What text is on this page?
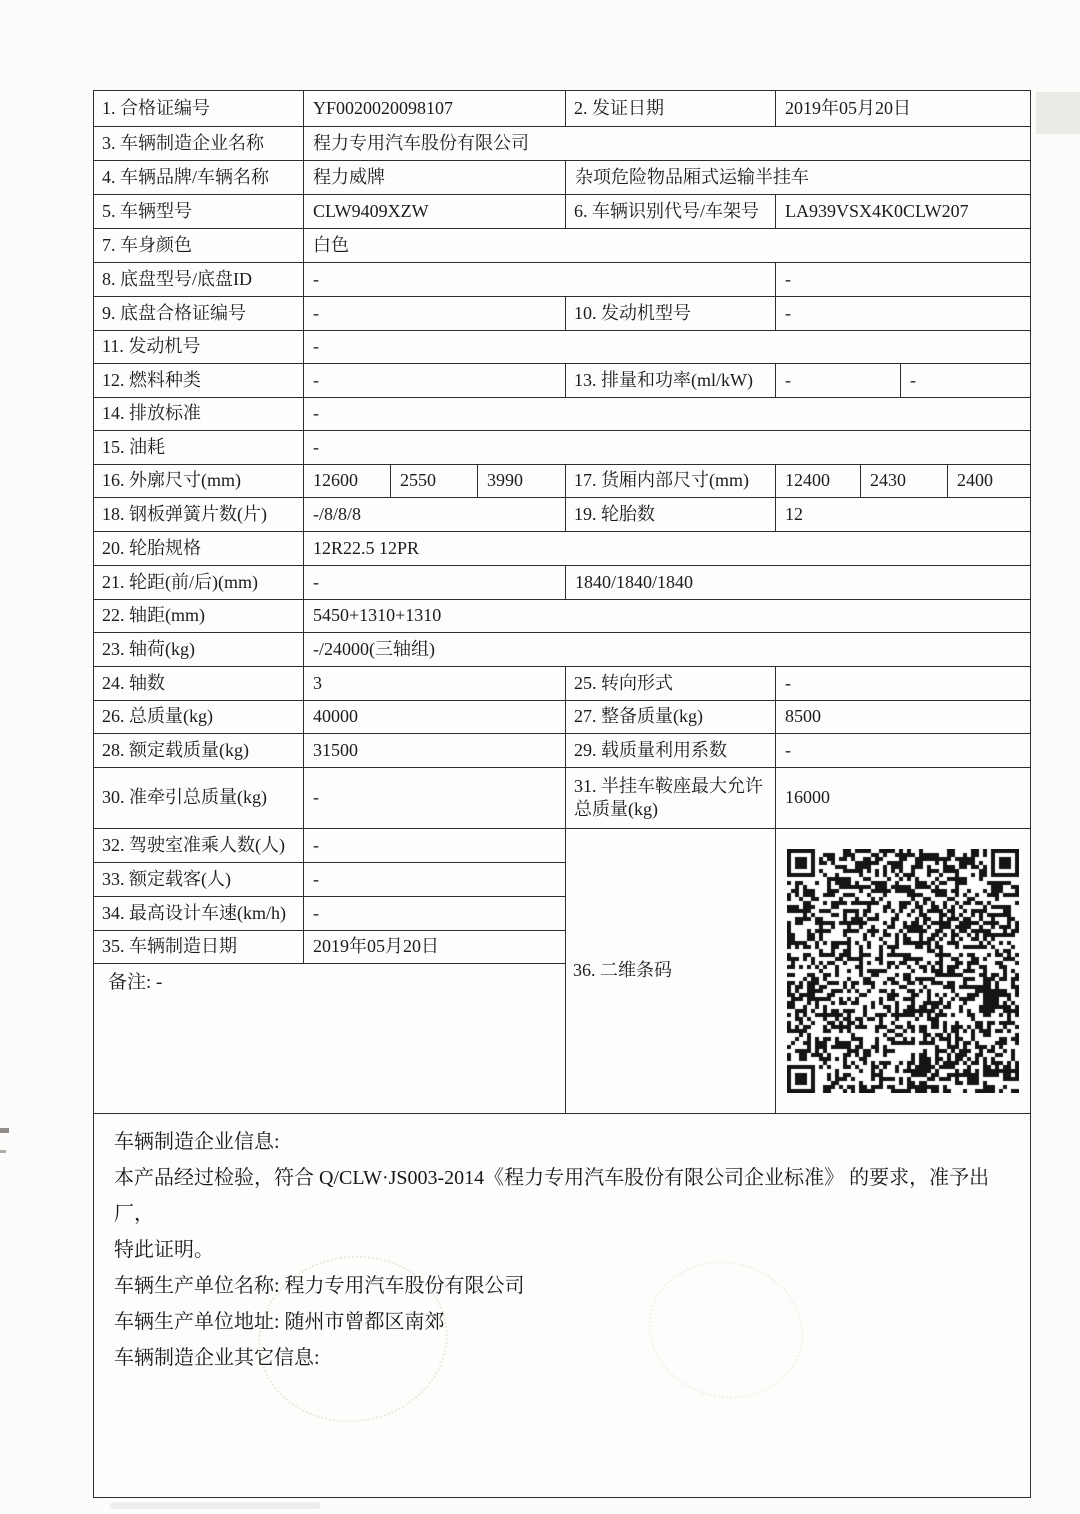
1. 合格证编号	YF0020020098107			2. 发证日期	2019年05月20日			
3. 车辆制造企业名称	程力专用汽车股份有限公司							
4. 车辆品牌/车辆名称	程力威牌			杂项危险物品厢式运输半挂车				
5. 车辆型号	CLW9409XZW			6. 车辆识别代号/车架号	LA939VSX4K0CLW207			
7. 车身颜色	白色							
8. 底盘型号/底盘ID	-				-			
9. 底盘合格证编号	-			10. 发动机型号	-			
11. 发动机号	-							
12. 燃料种类	-			13. 排量和功率(ml/kW)	-		-	
14. 排放标准	-							
15. 油耗	-							
16. 外廓尺寸(mm)	12600	2550	3990	17. 货厢内部尺寸(mm)	12400	2430		2400
18. 钢板弹簧片数(片)	-/8/8/8			19. 轮胎数	12			
20. 轮胎规格	12R22.5 12PR							
21. 轮距(前/后)(mm)	-			1840/1840/1840				
22. 轴距(mm)	5450+1310+1310							
23. 轴荷(kg)	-/24000(三轴组)							
24. 轴数	3			25. 转向形式	-			
26. 总质量(kg)	40000			27. 整备质量(kg)	8500			
28. 额定载质量(kg)	31500			29. 载质量利用系数	-			
30. 准牵引总质量(kg)	-			31. 半挂车鞍座最大允许总质量(kg)	16000			
32. 驾驶室准乘人数(人)	-			36. 二维条码	
33. 额定载客(人)	-							
34. 最高设计车速(km/h)	-							
35. 车辆制造日期	2019年05月20日							
备注: -								

车辆制造企业信息:
本产品经过检验，符合 Q/CLW·JS003-2014《程力专用汽车股份有限公司企业标准》 的要求，准予出厂，
特此证明。
车辆生产单位名称: 程力专用汽车股份有限公司
车辆生产单位地址: 随州市曾都区南郊
车辆制造企业其它信息:
